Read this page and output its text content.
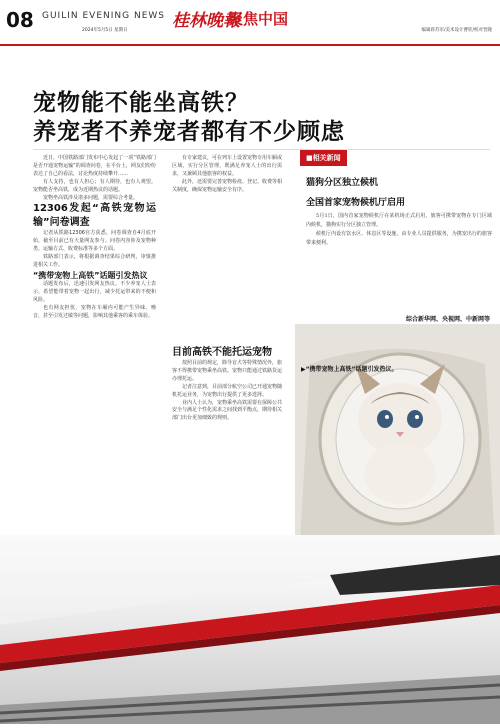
08 GUILIN EVENING NEWS
2024年5月5日 星期日	桂林晚報
聚焦中国
编辑蒋苏军/美术设计曹钦/校对晋隆
宠物能不能坐高铁？
养宠者不养宠者都有不少顾虑

近日，中国铁路部门发布中心发起了一项“铁路部门是否开通宠物运输”的调查问卷，在平台上，网友们纷纷表达了自己的看法，讨论热度持续攀升……

有人支持，也有人担心；有人期待，也有人观望。宠物能否坐高铁，成为近期热议的话题。

宠物坐高铁涉及诸多问题，需要综合考量。

12306发起“高铁宠物运输”问卷调查

记者从铁路12306官方获悉，问卷调查自4月底开始，截至目前已有大量网友参与。问卷内容涉及宠物种类、运输方式、收费标准等多个方面。

铁路部门表示，将根据调查结果综合研判，审慎推进相关工作。

“携带宠物上高铁”话题引发热议

话题发布后，迅速引发网友热议。不少养宠人士表示，希望能带着宠物一起出行，减少托运带来的不便和风险。

也有网友担忧，宠物在车厢内可能产生异味、噪音，甚至引发过敏等问题，影响其他乘客的乘车体验。

有专家建议，可在列车上设置宠物专用车厢或区域，实行分区管理，既满足养宠人士的出行需求，又兼顾其他旅客的权益。

此外，还需要完善宠物检疫、登记、收费等相关制度，确保宠物运输安全有序。

目前高铁不能托运宠物

按照目前的规定，除导盲犬等特殊情况外，旅客不得携带宠物乘坐高铁。宠物只能通过铁路货运办理托运。

记者注意到，目前部分航空公司已开通宠物随机托运业务，为宠物出行提供了更多选择。

业内人士认为，宠物乘坐高铁需要在保障公共安全与满足个性化需求之间找到平衡点，期待相关部门出台更加细致的规则。

■相关新闻
猫狗分区独立候机
全国首家宠物候机厅启用

5月1日，国内首家宠物候机厅在某机场正式启用，旅客可携带宠物在专门区域内候机，猫狗实行分区独立管理。

候机厅内设有饮水区、休息区等设施，由专业人员提供服务，为携宠出行的旅客带来便利。

综合新华网、央视网、中新网等
▶“携带宠物上高铁”话题引发热议。
